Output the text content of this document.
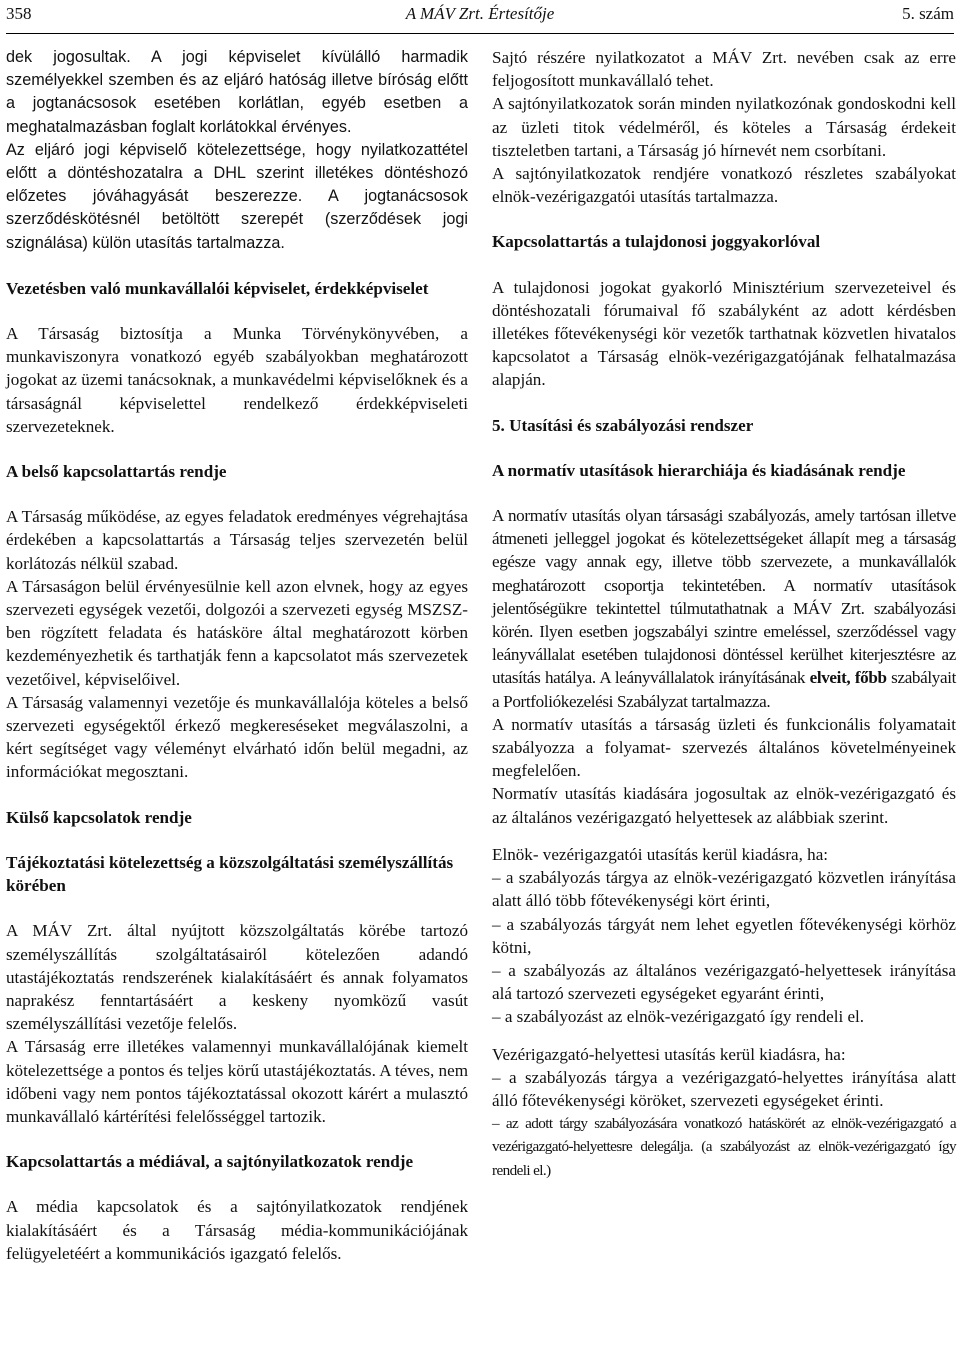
A MÁV Zrt. Értesítője
358	5. szám

dek jogosultak. A jogi képviselet kívülálló harmadik személyekkel szemben és az eljáró hatóság illetve bíróság előtt a jogtanácsosok esetében korlátlan, egyéb esetben a meghatalmazásban foglalt korlátokkal érvényes.

Az eljáró jogi képviselő kötelezettsége, hogy nyilatkozattétel előtt a döntéshozatalra a DHL szerint illetékes döntéshozó előzetes jóváhagyását beszerezze. A jogtanácsosok szerződéskötésnél betöltött szerepét (szerződések jogi szignálása) külön utasítás tartalmazza.

Vezetésben való munkavállalói képviselet, érdekképviselet

A Társaság biztosítja a Munka Törvénykönyvében, a munkaviszonyra vonatkozó egyéb szabályokban meghatározott jogokat az üzemi tanácsoknak, a munkavédelmi képviselőknek és a társaságnál képviselettel rendelkező érdekképviseleti szervezeteknek.

A belső kapcsolattartás rendje

A Társaság működése, az egyes feladatok eredményes végrehajtása érdekében a kapcsolattartás a Társaság teljes szervezetén belül korlátozás nélkül szabad.

A Társaságon belül érvényesülnie kell azon elvnek, hogy az egyes szervezeti egységek vezetői, dolgozói a szervezeti egység MSZSZ-ben rögzített feladata és hatásköre által meghatározott körben kezdeményezhetik és tarthatják fenn a kapcsolatot más szervezetek vezetőivel, képviselőivel.

A Társaság valamennyi vezetője és munkavállalója köteles a belső szervezeti egységektől érkező megkereséseket megválaszolni, a kért segítséget vagy véleményt elvárható időn belül megadni, az információkat megosztani.

Külső kapcsolatok rendje
Tájékoztatási kötelezettség a közszolgáltatási személyszállítás körében

A MÁV Zrt. által nyújtott közszolgáltatás körébe tartozó személyszállítás szolgáltatásairól kötelezően adandó utastájékoztatás rendszerének kialakításáért és annak folyamatos naprakész fenntartásáért a keskeny nyomközű vasút személyszállítási vezetője felelős.

A Társaság erre illetékes valamennyi munkavállalójának kiemelt kötelezettsége a pontos és teljes körű utastájékoztatás. A téves, nem időbeni vagy nem pontos tájékoztatással okozott kárért a mulasztó munkavállaló kártérítési felelősséggel tartozik.

Kapcsolattartás a médiával, a sajtónyilatkozatok rendje

A média kapcsolatok és a sajtónyilatkozatok rendjének kialakításáért és a Társaság média-kommunikációjának felügyeletéért a kommunikációs igazgató felelős.

Sajtó részére nyilatkozatot a MÁV Zrt. nevében csak az erre feljogosított munkavállaló tehet.

A sajtónyilatkozatok során minden nyilatkozónak gondoskodni kell az üzleti titok védelméről, és köteles a Társaság érdekeit tiszteletben tartani, a Társaság jó hírnevét nem csorbítani.

A sajtónyilatkozatok rendjére vonatkozó részletes szabályokat elnök-vezérigazgatói utasítás tartalmazza.

Kapcsolattartás a tulajdonosi joggyakorlóval

A tulajdonosi jogokat gyakorló Minisztérium szervezeteivel és döntéshozatali fórumaival fő szabályként az adott kérdésben illetékes főtevékenységi kör vezetők tarthatnak közvetlen hivatalos kapcsolatot a Társaság elnök-vezérigazgatójának felhatalmazása alapján.

5. Utasítási és szabályozási rendszer
A normatív utasítások hierarchiája és kiadásának rendje

A normatív utasítás olyan társasági szabályozás, amely tartósan illetve átmeneti jelleggel jogokat és kötelezettségeket állapít meg a társaság egésze vagy annak egy, illetve több szervezete, a munkavállalók meghatározott csoportja tekintetében. A normatív utasítások jelentőségükre tekintettel túlmutathatnak a MÁV Zrt. szabályozási körén. Ilyen esetben jogszabályi szintre emeléssel, szerződéssel vagy leányvállalat esetében tulajdonosi döntéssel kerülhet kiterjesztésre az utasítás hatálya. A leányvállalatok irányításának elveit, főbb szabályait a Portfoliókezelési Szabályzat tartalmazza.

A normatív utasítás a társaság üzleti és funkcionális folyamatait szabályozza a folyamat- szervezés általános követelményeinek megfelelően.

Normatív utasítás kiadására jogosultak az elnök-vezérigazgató és az általános vezérigazgató helyettesek az alábbiak szerint.

Elnök- vezérigazgatói utasítás kerül kiadásra, ha:

– a szabályozás tárgya az elnök-vezérigazgató közvetlen irányítása alatt álló több főtevékenységi kört érinti,

– a szabályozás tárgyát nem lehet egyetlen főtevékenységi körhöz kötni,

– a szabályozás az általános vezérigazgató-helyettesek irányítása alá tartozó szervezeti egységeket egyaránt érinti,

– a szabályozást az elnök-vezérigazgató így rendeli el.

Vezérigazgató-helyettesi utasítás kerül kiadásra, ha:

– a szabályozás tárgya a vezérigazgató-helyettes irányítása alatt álló főtevékenységi köröket, szervezeti egységeket érinti.

– az adott tárgy szabályozására vonatkozó hatáskörét az elnök-vezérigazgató a vezérigazgató-helyettesre delegálja. (a szabályozást az elnök-vezérigazgató így rendeli el.)
